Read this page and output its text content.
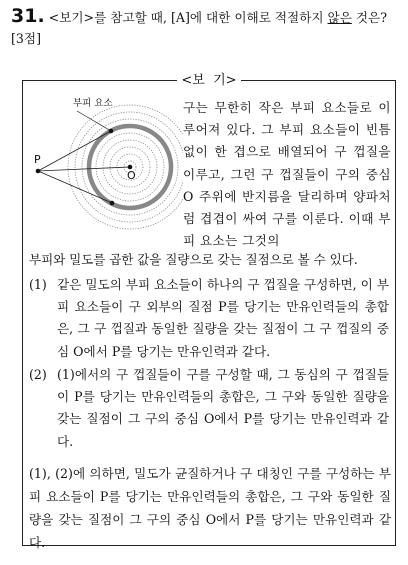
31. <보기>를 참고할 때, [A]에 대한 이해로 적절하지 않은 것은? [3점]
<보  기>
부피 요소
P
O
구는 무한히 작은 부피 요소들로 이루어져 있다. 그 부피 요소들이 빈틈없이 한 겹으로 배열되어 구 껍질을 이루고, 그런 구 껍질들이 구의 중심 O 주위에 반지름을 달리하며 양파처럼 겹겹이 싸여 구를 이룬다. 이때 부피 요소는 그것의
부피와 밀도를 곱한 값을 질량으로 갖는 질점으로 볼 수 있다.
(1) 같은 밀도의 부피 요소들이 하나의 구 껍질을 구성하면, 이 부피 요소들이 구 외부의 질점 P를 당기는 만유인력들의 총합은, 그 구 껍질과 동일한 질량을 갖는 질점이 그 구 껍질의 중심 O에서 P를 당기는 만유인력과 같다.
(2) (1)에서의 구 껍질들이 구를 구성할 때, 그 동심의 구 껍질들이 P를 당기는 만유인력들의 총합은, 그 구와 동일한 질량을 갖는 질점이 그 구의 중심 O에서 P를 당기는 만유인력과 같다.
(1), (2)에 의하면, 밀도가 균질하거나 구 대칭인 구를 구성하는 부피 요소들이 P를 당기는 만유인력들의 총합은, 그 구와 동일한 질량을 갖는 질점이 그 구의 중심 O에서 P를 당기는 만유인력과 같다.
